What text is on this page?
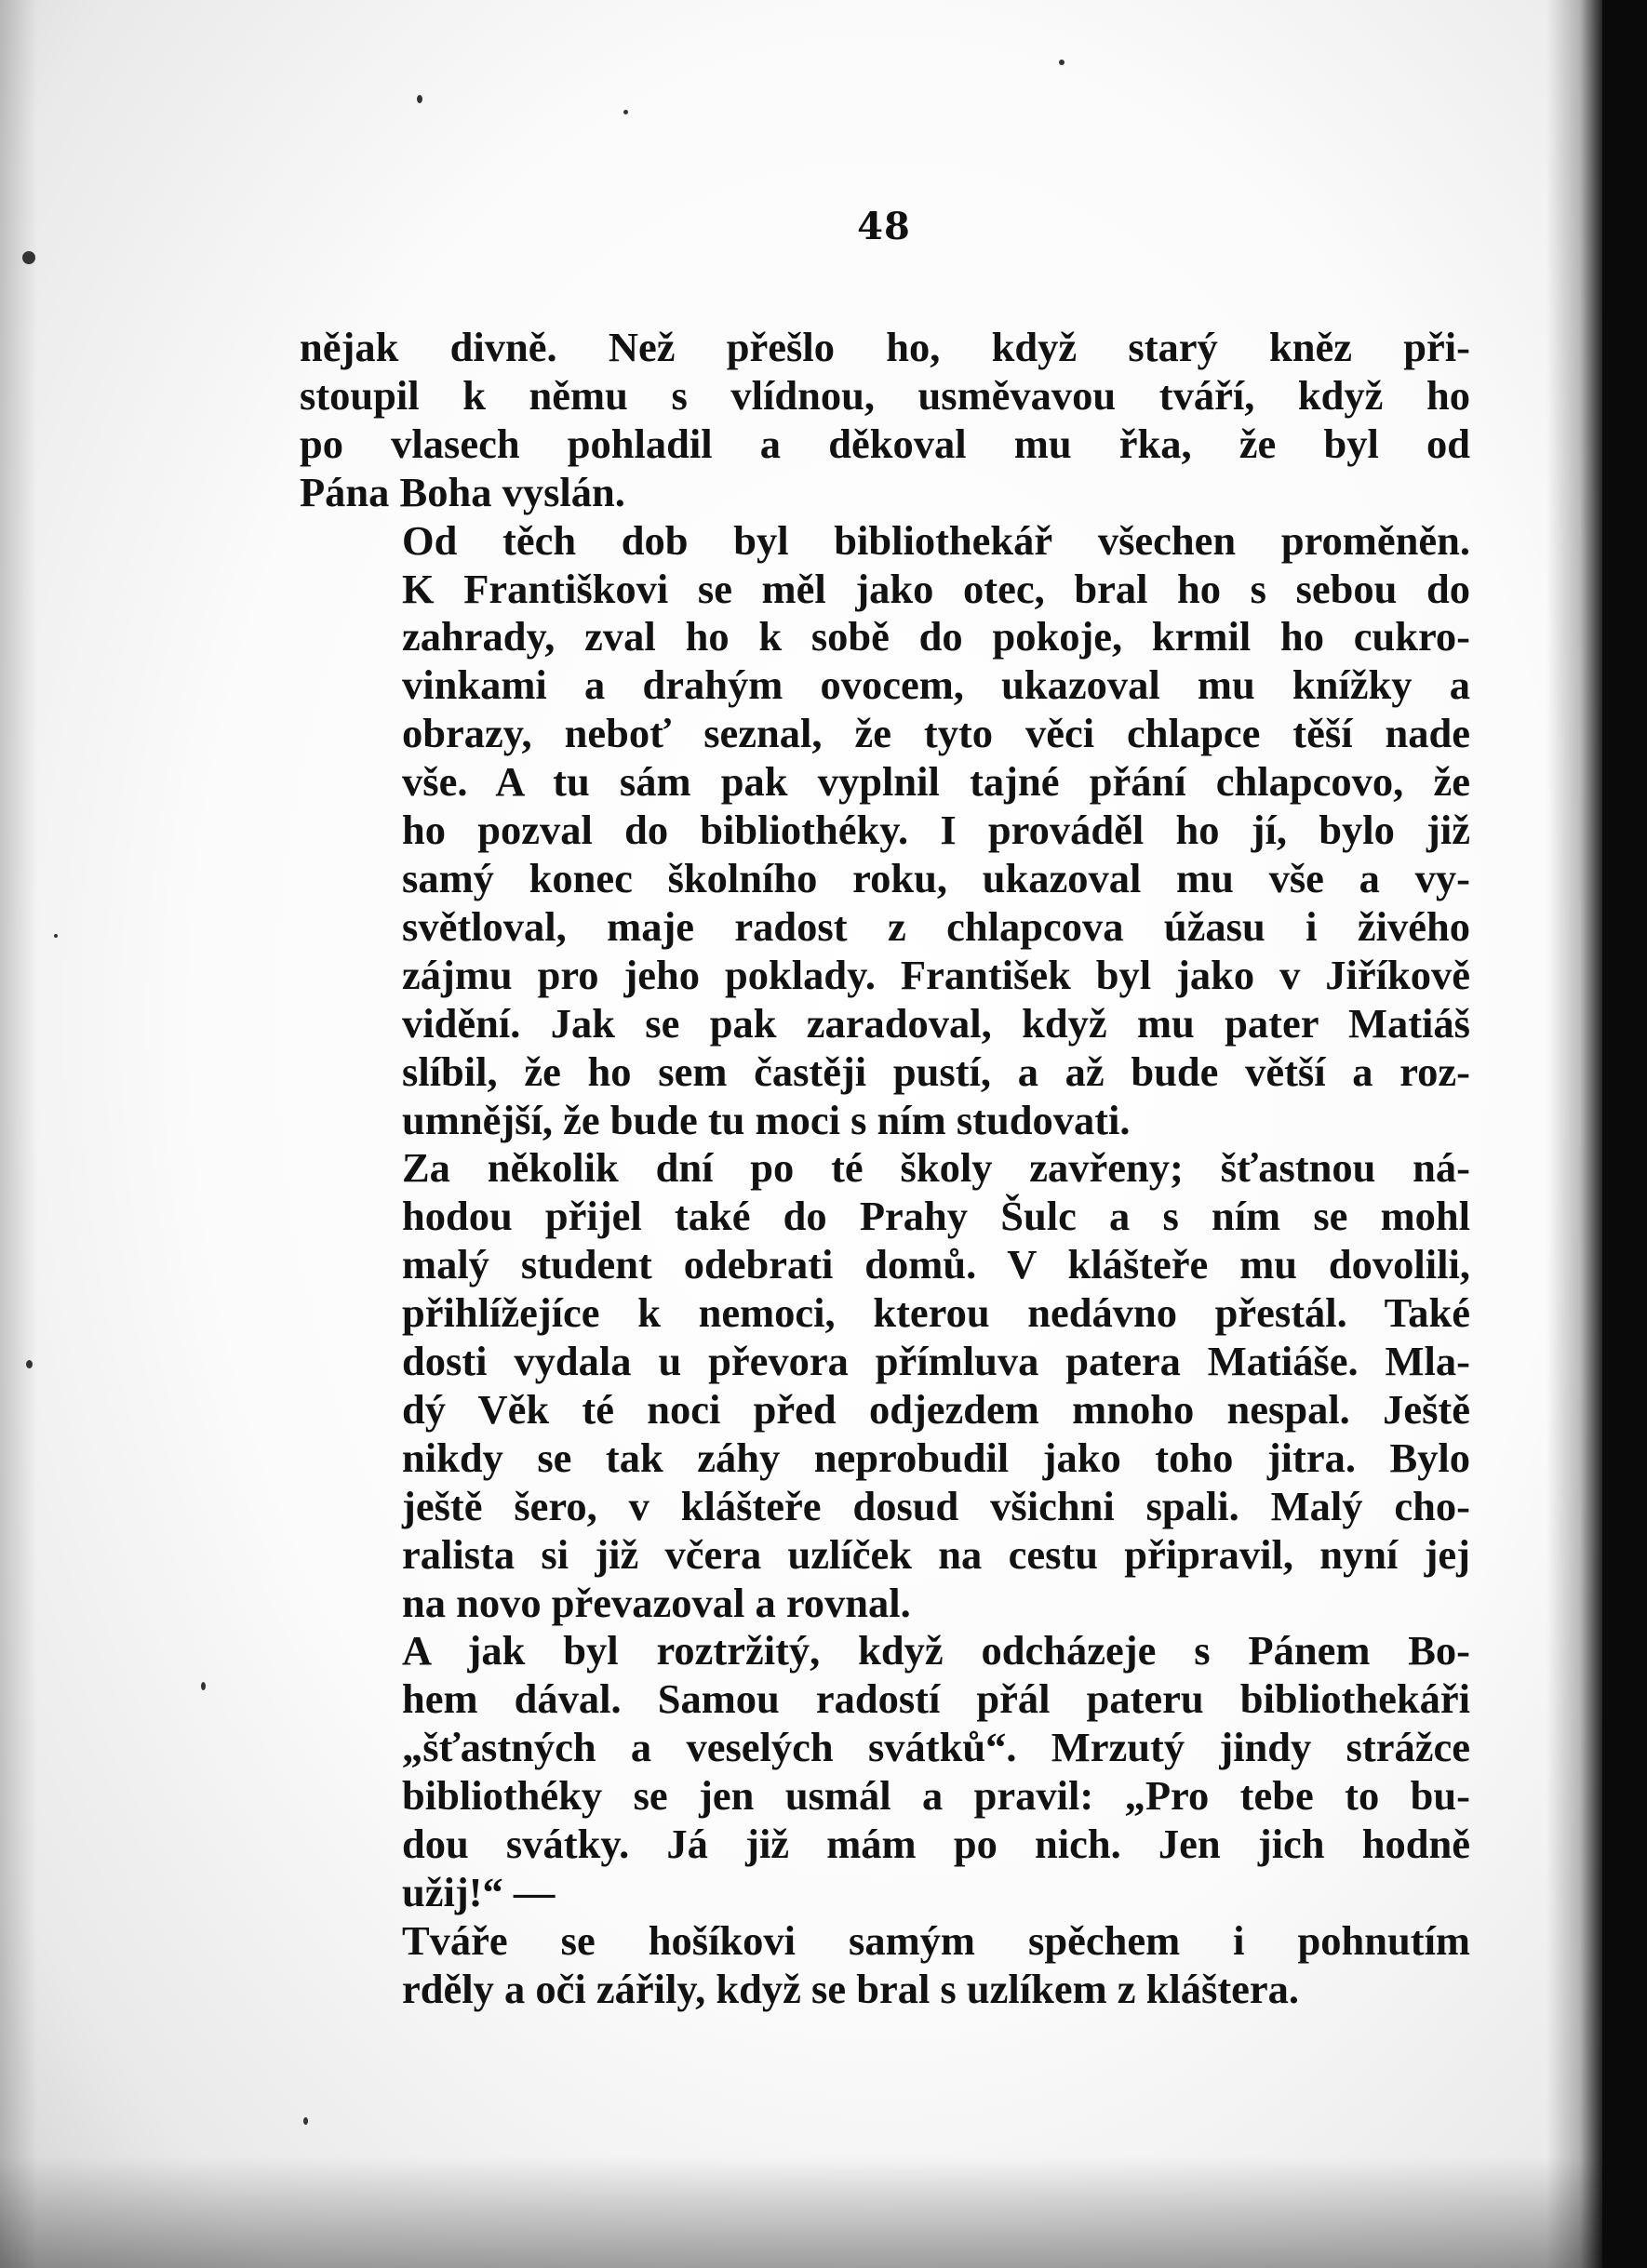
48

nějak divně. Než přešlo ho, když starý kněz při-
stoupil k němu s vlídnou, usměvavou tváří, když ho
po vlasech pohladil a děkoval mu řka, že byl od
Pána Boha vyslán.

Od těch dob byl bibliothekář všechen proměněn.
K Františkovi se měl jako otec, bral ho s sebou do
zahrady, zval ho k sobě do pokoje, krmil ho cukro-
vinkami a drahým ovocem, ukazoval mu knížky a
obrazy, neboť seznal, že tyto věci chlapce těší nade
vše. A tu sám pak vyplnil tajné přání chlapcovo, že
ho pozval do bibliothéky. I prováděl ho jí, bylo již
samý konec školního roku, ukazoval mu vše a vy-
světloval, maje radost z chlapcova úžasu i živého
zájmu pro jeho poklady. František byl jako v Jiříkově
vidění. Jak se pak zaradoval, když mu pater Matiáš
slíbil, že ho sem častěji pustí, a až bude větší a roz-
umnější, že bude tu moci s ním studovati.

Za několik dní po té školy zavřeny; šťastnou ná-
hodou přijel také do Prahy Šulc a s ním se mohl
malý student odebrati domů. V klášteře mu dovolili,
přihlížejíce k nemoci, kterou nedávno přestál. Také
dosti vydala u převora přímluva patera Matiáše. Mla-
dý Věk té noci před odjezdem mnoho nespal. Ještě
nikdy se tak záhy neprobudil jako toho jitra. Bylo
ještě šero, v klášteře dosud všichni spali. Malý cho-
ralista si již včera uzlíček na cestu připravil, nyní jej
na novo převazoval a rovnal.

A jak byl roztržitý, když odcházeje s Pánem Bo-
hem dával. Samou radostí přál pateru bibliothekáři
„šťastných a veselých svátků“. Mrzutý jindy strážce
bibliothéky se jen usmál a pravil: „Pro tebe to bu-
dou svátky. Já již mám po nich. Jen jich hodně
užij!“ —

Tváře se hošíkovi samým spěchem i pohnutím
rděly a oči zářily, když se bral s uzlíkem z kláštera.
